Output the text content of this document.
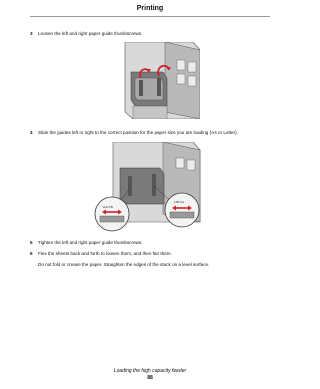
Printing
3 Loosen the left and right paper guide thumbscrews.
4 Slide the guides left or right to the correct position for the paper size you are loading (A4 or Letter).
A4 LTR
LTR A4
5 Tighten the left and right paper guide thumbscrews.
6 Flex the sheets back and forth to loosen them, and then fan them.
Do not fold or crease the paper. Straighten the edges of the stack on a level surface.
Loading the high capacity feeder
88
